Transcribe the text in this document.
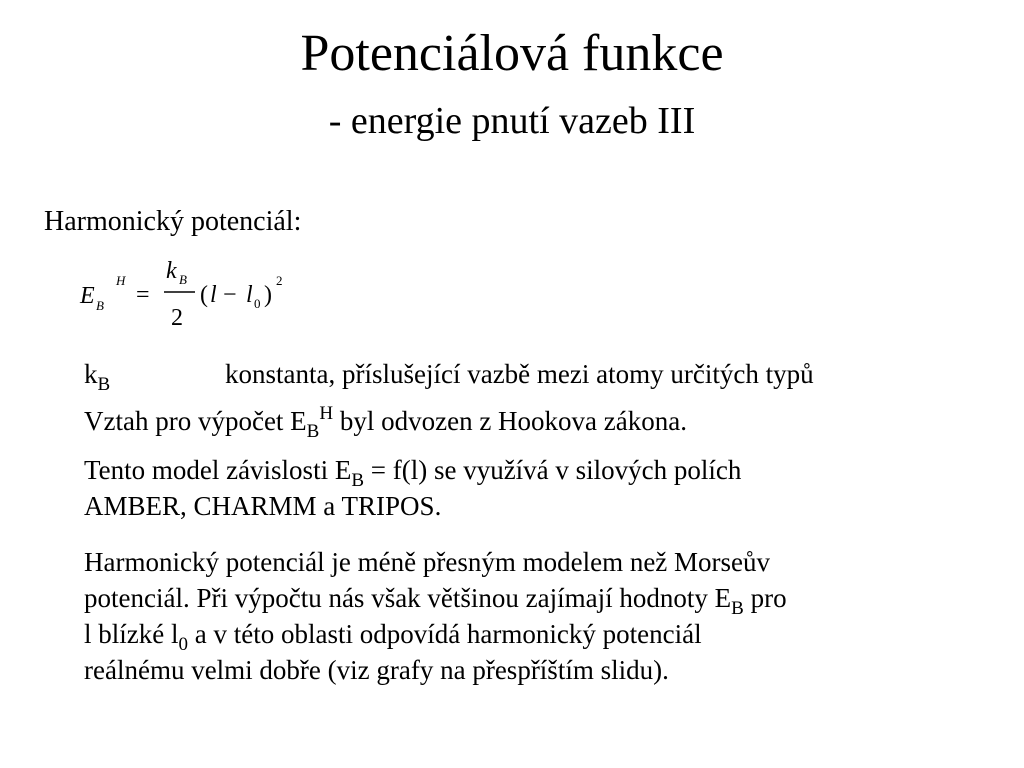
Potenciálová funkce
- energie pnutí vazeb III
Harmonický potenciál:
E B
H
=
k B
2
( l − l 0 )
2
$k_B$	konstanta, příslušející vazbě mezi atomy určitých typů
Vztah pro výpočet $E_B^H$ byl odvozen z Hookova zákona.
Tento model závislosti $E_B = f(l)$ se využívá v silových polích
AMBER, CHARMM a TRIPOS.
Harmonický potenciál je méně přesným modelem než Morseův
potenciál. Při výpočtu nás však většinou zajímají hodnoty $E_B$ pro
l blízké $l_0$ a v této oblasti odpovídá harmonický potenciál
reálnému velmi dobře (viz grafy na přespříštím slidu).
